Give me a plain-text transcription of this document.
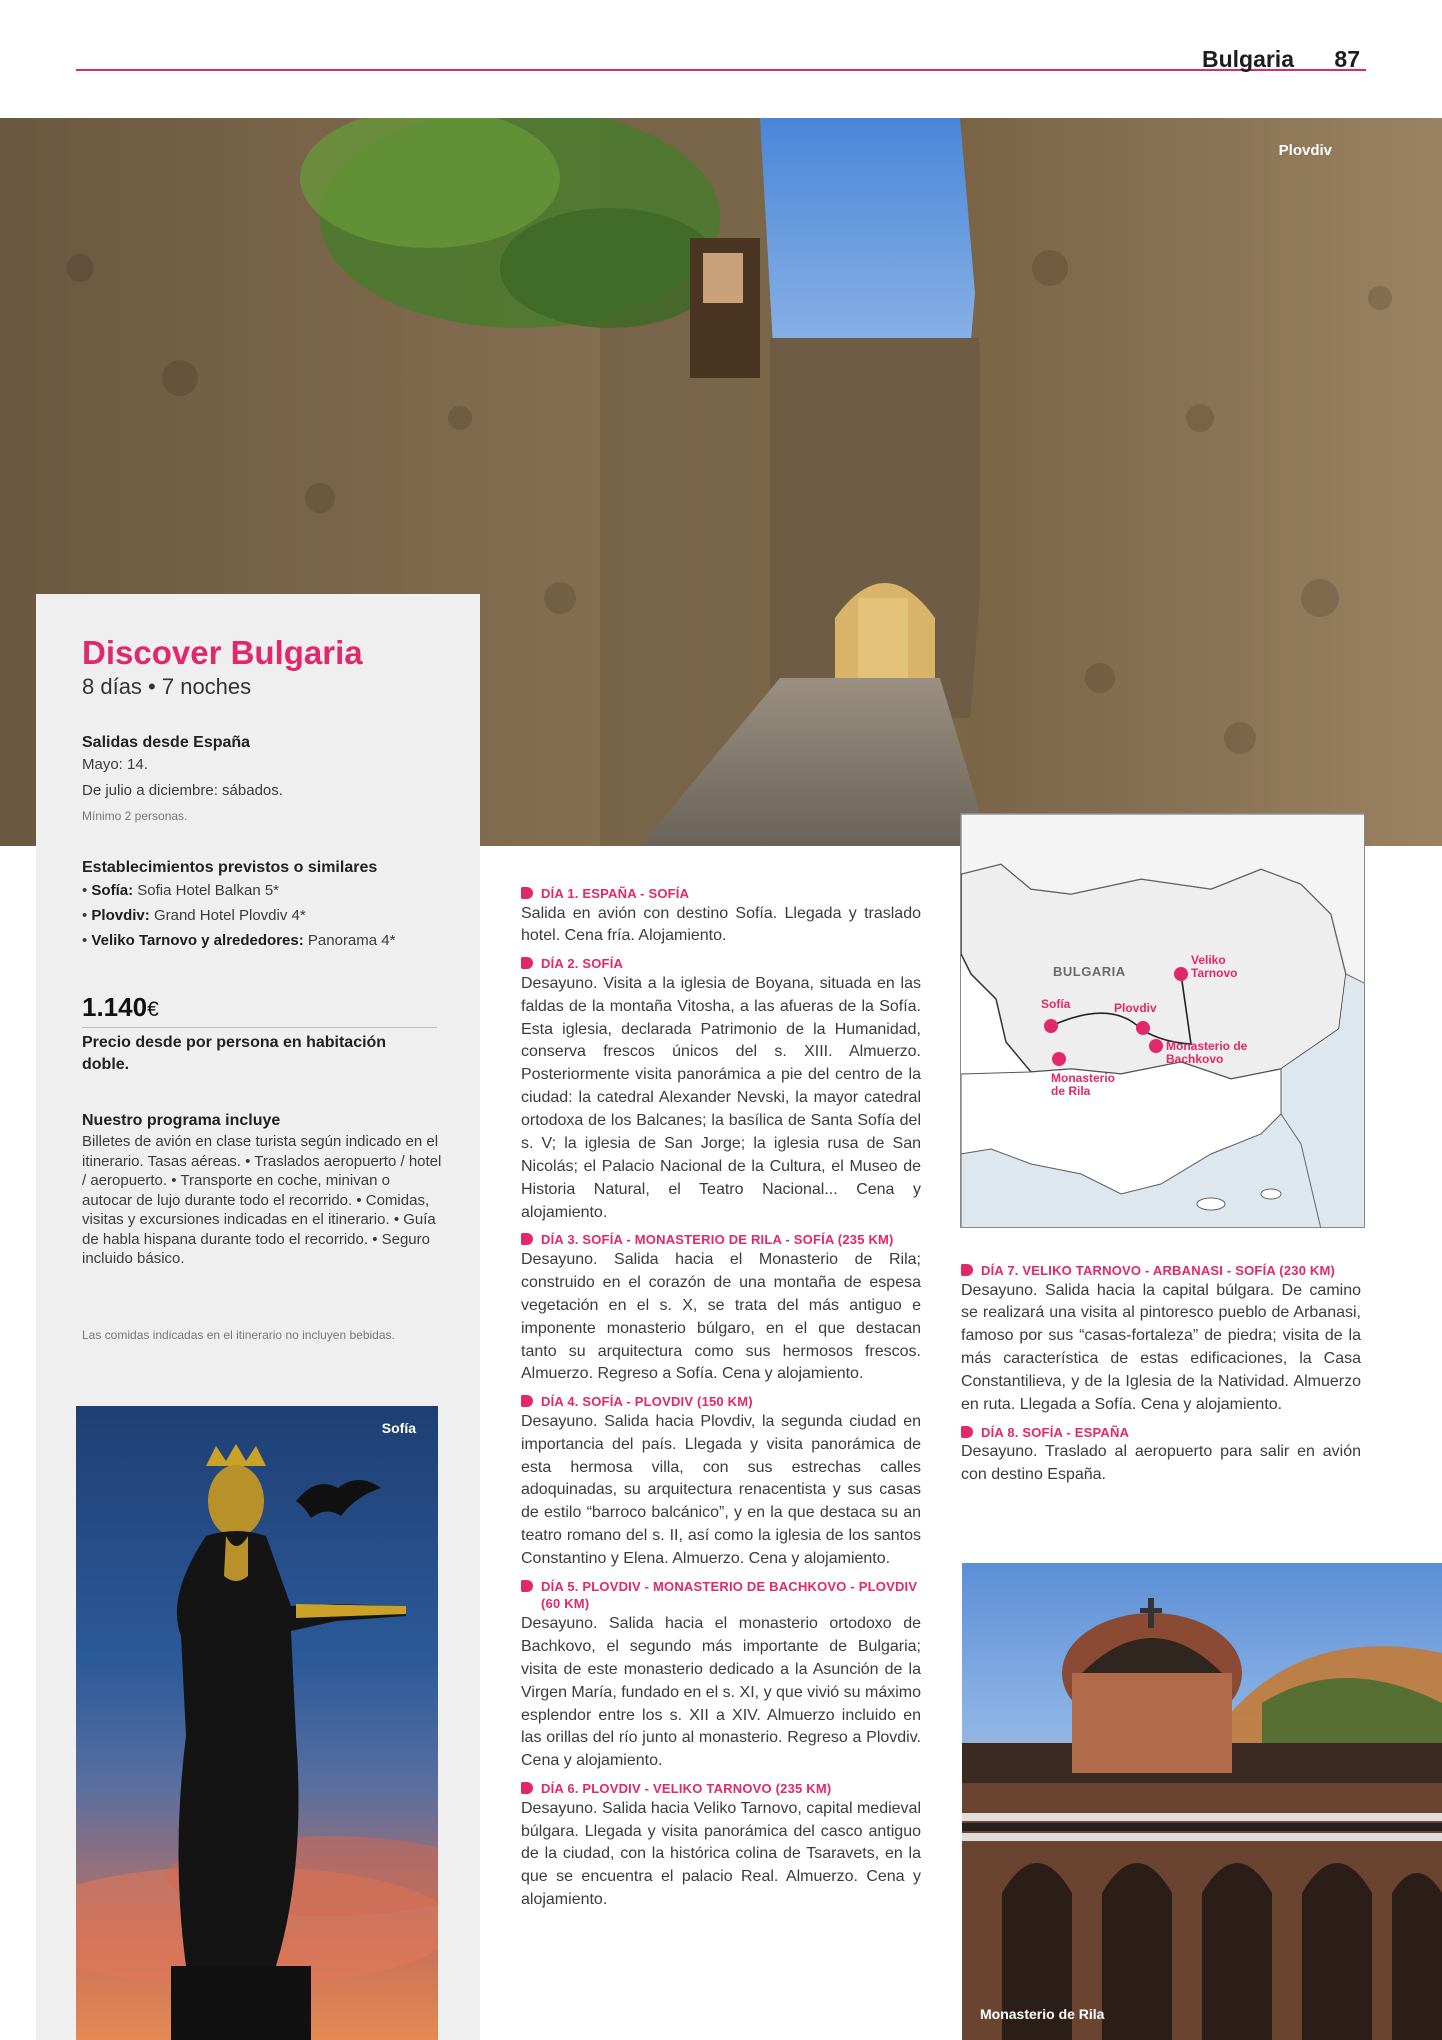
Bulgaria 87
Plovdiv
Discover Bulgaria
8 días • 7 noches
Salidas desde España
Mayo: 14.
De julio a diciembre: sábados.
Mínimo 2 personas.
Establecimientos previstos o similares
• Sofía: Sofia Hotel Balkan 5*
• Plovdiv: Grand Hotel Plovdiv 4*
• Veliko Tarnovo y alrededores: Panorama 4*
1.140€
Precio desde por persona en habitación doble.
Nuestro programa incluye
Billetes de avión en clase turista según indicado en el itinerario. Tasas aéreas. • Traslados aeropuerto / hotel / aeropuerto. • Transporte en coche, minivan o autocar de lujo durante todo el recorrido. • Comidas, visitas y excursiones indicadas en el itinerario. • Guía de habla hispana durante todo el recorrido. • Seguro incluido básico.
Las comidas indicadas en el itinerario no incluyen bebidas.
Sofía
DÍA 1. ESPAÑA - SOFÍA
Salida en avión con destino Sofía. Llegada y traslado hotel. Cena fría. Alojamiento.
DÍA 2. SOFÍA
Desayuno. Visita a la iglesia de Boyana, situada en las faldas de la montaña Vitosha, a las afueras de la Sofía. Esta iglesia, declarada Patrimonio de la Humanidad, conserva frescos únicos del s. XIII. Almuerzo. Posteriormente visita panorámica a pie del centro de la ciudad: la catedral Alexander Nevski, la mayor catedral ortodoxa de los Balcanes; la basílica de Santa Sofía del s. V; la iglesia de San Jorge; la iglesia rusa de San Nicolás; el Palacio Nacional de la Cultura, el Museo de Historia Natural, el Teatro Nacional... Cena y alojamiento.
DÍA 3. SOFÍA - MONASTERIO DE RILA - SOFÍA (235 KM)
Desayuno. Salida hacia el Monasterio de Rila; construido en el corazón de una montaña de espesa vegetación en el s. X, se trata del más antiguo e imponente monasterio búlgaro, en el que destacan tanto su arquitectura como sus hermosos frescos. Almuerzo. Regreso a Sofía. Cena y alojamiento.
DÍA 4. SOFÍA - PLOVDIV (150 KM)
Desayuno. Salida hacia Plovdiv, la segunda ciudad en importancia del país. Llegada y visita panorámica de esta hermosa villa, con sus estrechas calles adoquinadas, su arquitectura renacentista y sus casas de estilo “barroco balcánico”, y en la que destaca su an teatro romano del s. II, así como la iglesia de los santos Constantino y Elena. Almuerzo. Cena y alojamiento.
DÍA 5. PLOVDIV - MONASTERIO DE BACHKOVO - PLOVDIV (60 KM)
Desayuno. Salida hacia el monasterio ortodoxo de Bachkovo, el segundo más importante de Bulgaria; visita de este monasterio dedicado a la Asunción de la Virgen María, fundado en el s. XI, y que vivió su máximo esplendor entre los s. XII a XIV. Almuerzo incluido en las orillas del río junto al monasterio. Regreso a Plovdiv. Cena y alojamiento.
DÍA 6. PLOVDIV - VELIKO TARNOVO (235 KM)
Desayuno. Salida hacia Veliko Tarnovo, capital medieval búlgara. Llegada y visita panorámica del casco antiguo de la ciudad, con la histórica colina de Tsaravets, en la que se encuentra el palacio Real. Almuerzo. Cena y alojamiento.
BULGARIA
Sofía	Plovdiv
Veliko Tarnovo
Monasterio de Bachkovo
Monasterio de Rila
DÍA 7. VELIKO TARNOVO - ARBANASI - SOFÍA (230 KM)
Desayuno. Salida hacia la capital búlgara. De camino se realizará una visita al pintoresco pueblo de Arbanasi, famoso por sus “casas-fortaleza” de piedra; visita de la más característica de estas edificaciones, la Casa Constantilieva, y de la Iglesia de la Natividad. Almuerzo en ruta. Llegada a Sofía. Cena y alojamiento.
DÍA 8. SOFÍA - ESPAÑA
Desayuno. Traslado al aeropuerto para salir en avión con destino España.
Monasterio de Rila
